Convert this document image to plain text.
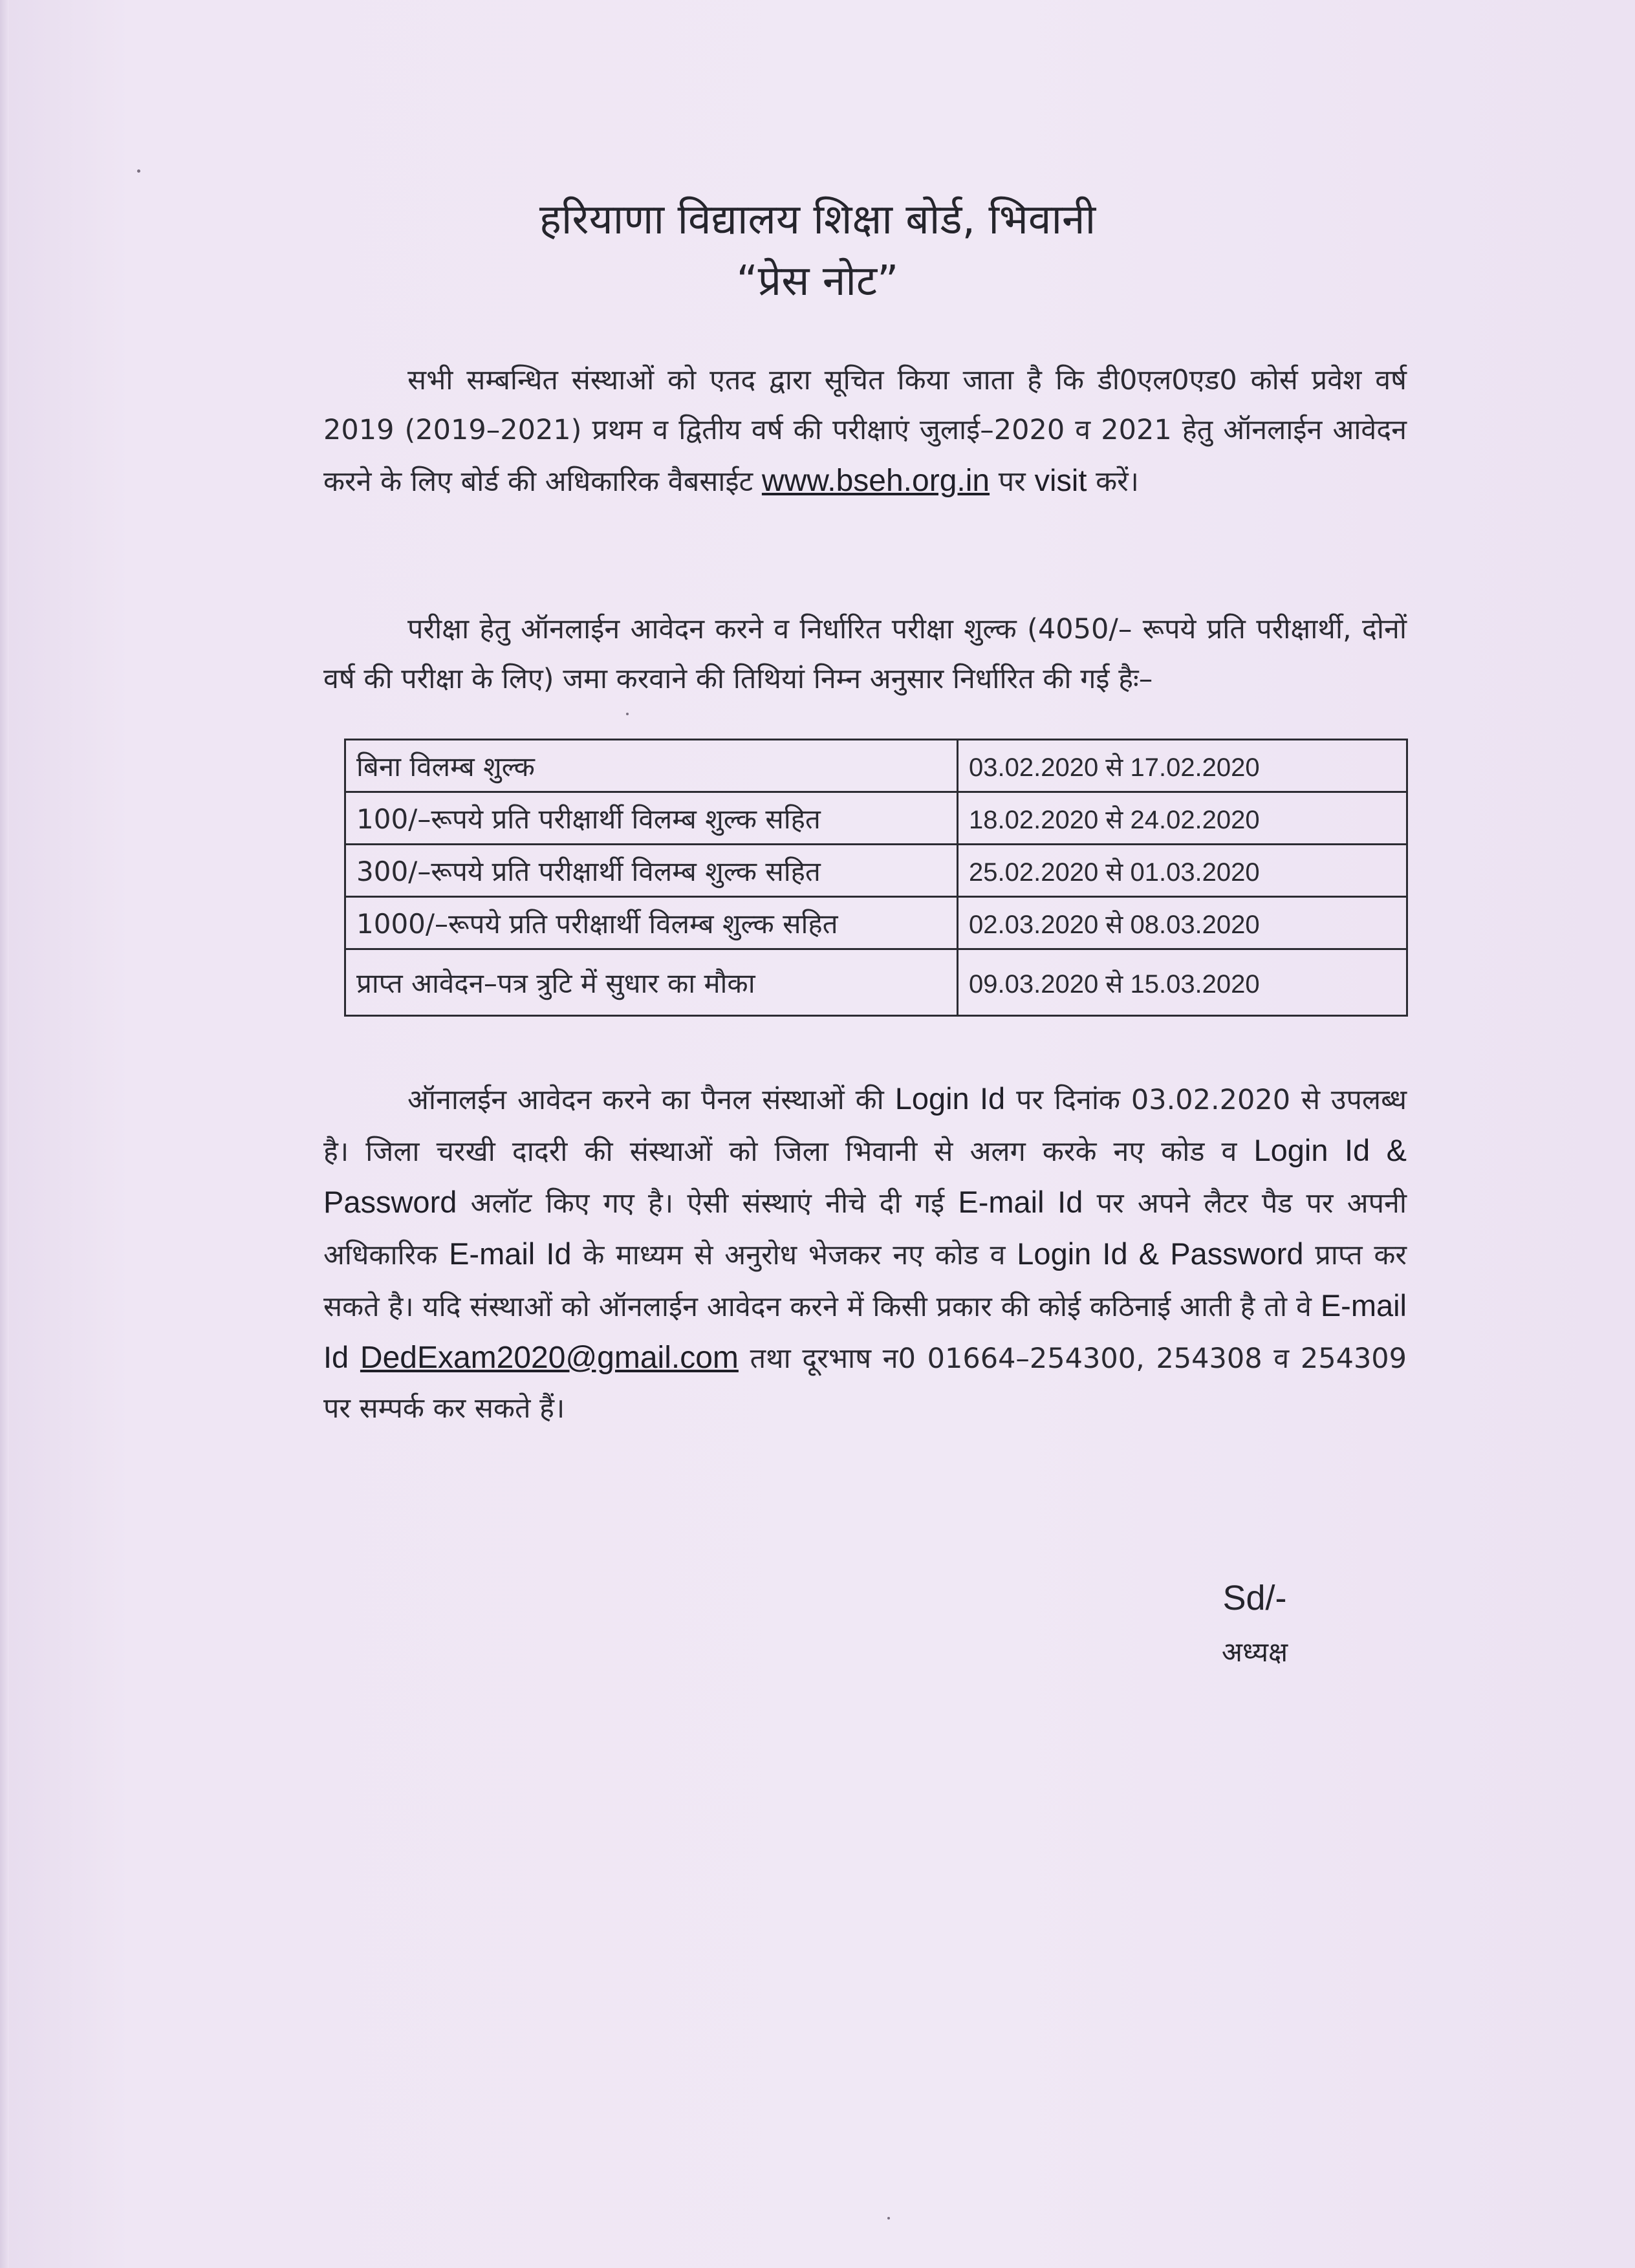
हरियाणा विद्यालय शिक्षा बोर्ड, भिवानी
“प्रेस नोट”
सभी सम्बन्धित संस्थाओं को एतद द्वारा सूचित किया जाता है कि डी0एल0एड0 कोर्स प्रवेश वर्ष 2019 (2019–2021) प्रथम व द्वितीय वर्ष की परीक्षाएं जुलाई–2020 व 2021 हेतु ऑनलाईन आवेदन करने के लिए बोर्ड की अधिकारिक वैबसाईट www.bseh.org.in पर visit करें।
परीक्षा हेतु ऑनलाईन आवेदन करने व निर्धारित परीक्षा शुल्क (4050/– रूपये प्रति परीक्षार्थी, दोनों वर्ष की परीक्षा के लिए) जमा करवाने की तिथियां निम्न अनुसार निर्धारित की गई हैः–
बिना विलम्ब शुल्क	03.02.2020 से 17.02.2020
100/–रूपये प्रति परीक्षार्थी विलम्ब शुल्क सहित	18.02.2020 से 24.02.2020
300/–रूपये प्रति परीक्षार्थी विलम्ब शुल्क सहित	25.02.2020 से 01.03.2020
1000/–रूपये प्रति परीक्षार्थी विलम्ब शुल्क सहित	02.03.2020 से 08.03.2020
प्राप्त आवेदन–पत्र त्रुटि में सुधार का मौका	09.03.2020 से 15.03.2020
ऑनालईन आवेदन करने का पैनल संस्थाओं की Login Id पर दिनांक 03.02.2020 से उपलब्ध है। जिला चरखी दादरी की संस्थाओं को जिला भिवानी से अलग करके नए कोड व Login Id & Password अलॉट किए गए है। ऐसी संस्थाएं नीचे दी गई E-mail Id पर अपने लैटर पैड पर अपनी अधिकारिक E-mail Id के माध्यम से अनुरोध भेजकर नए कोड व Login Id & Password प्राप्त कर सकते है। यदि संस्थाओं को ऑनलाईन आवेदन करने में किसी प्रकार की कोई कठिनाई आती है तो वे E-mail Id DedExam2020@gmail.com तथा दूरभाष न0 01664–254300, 254308 व 254309 पर सम्पर्क कर सकते हैं।
Sd/-
अध्यक्ष
